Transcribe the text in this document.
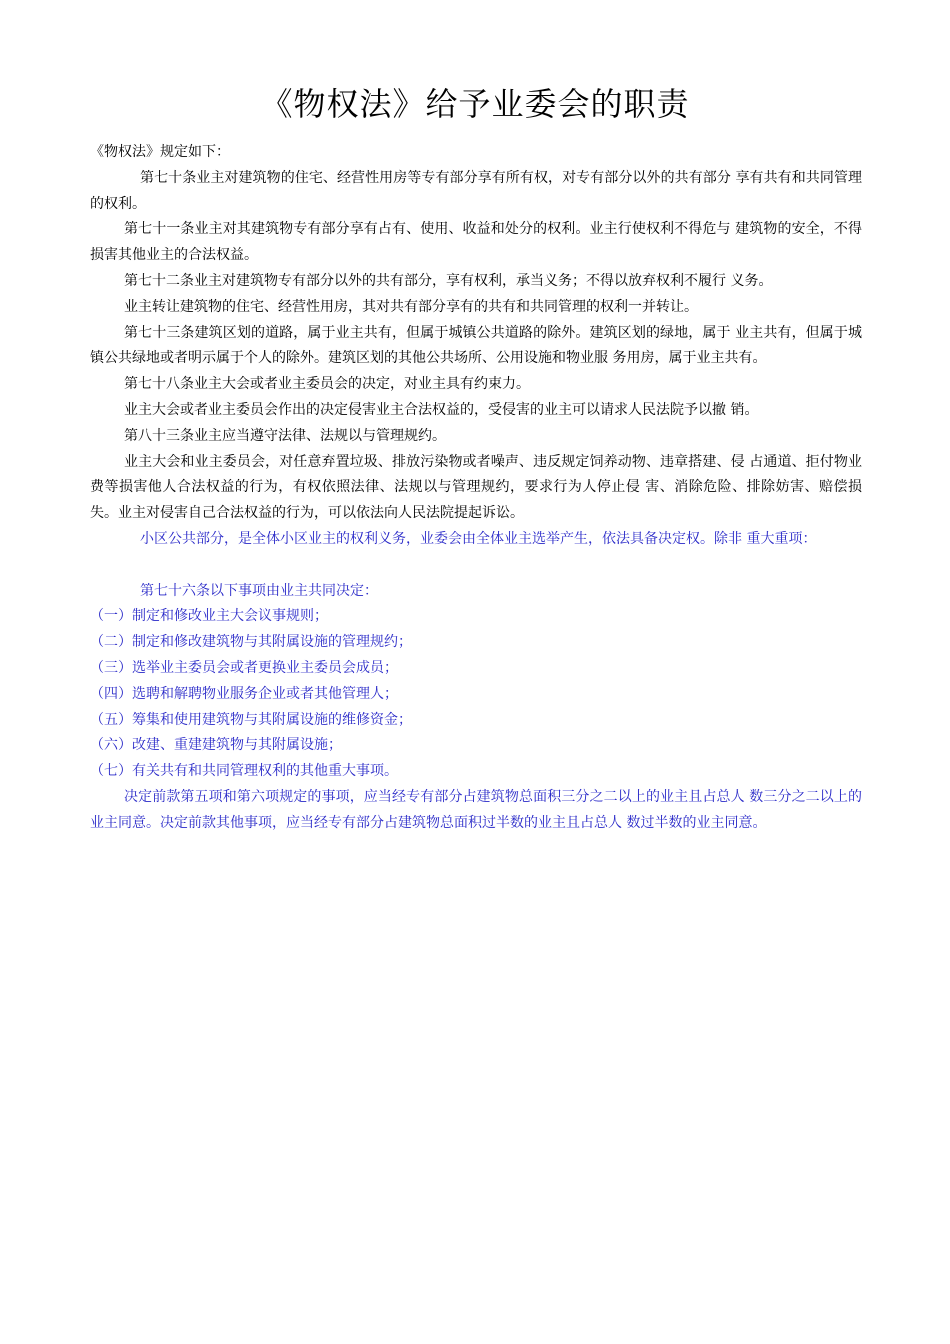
《物权法》给予业委会的职责

《物权法》规定如下：

第七十条业主对建筑物的住宅、经营性用房等专有部分享有所有权，对专有部分以外的共有部分 享有共有和共同管理的权利。

第七十一条业主对其建筑物专有部分享有占有、使用、收益和处分的权利。业主行使权利不得危与 建筑物的安全，不得损害其他业主的合法权益。

第七十二条业主对建筑物专有部分以外的共有部分，享有权利，承当义务；不得以放弃权利不履行 义务。

业主转让建筑物的住宅、经营性用房，其对共有部分享有的共有和共同管理的权利一并转让。

第七十三条建筑区划的道路，属于业主共有，但属于城镇公共道路的除外。建筑区划的绿地，属于 业主共有，但属于城镇公共绿地或者明示属于个人的除外。建筑区划的其他公共场所、公用设施和物业服 务用房，属于业主共有。

第七十八条业主大会或者业主委员会的决定，对业主具有约束力。

业主大会或者业主委员会作出的决定侵害业主合法权益的，受侵害的业主可以请求人民法院予以撤 销。

第八十三条业主应当遵守法律、法规以与管理规约。

业主大会和业主委员会，对任意弃置垃圾、排放污染物或者噪声、违反规定饲养动物、违章搭建、侵 占通道、拒付物业费等损害他人合法权益的行为，有权依照法律、法规以与管理规约，要求行为人停止侵 害、消除危险、排除妨害、赔偿损失。业主对侵害自己合法权益的行为，可以依法向人民法院提起诉讼。

小区公共部分，是全体小区业主的权利义务，业委会由全体业主选举产生，依法具备决定权。除非 重大重项：

第七十六条以下事项由业主共同决定：

（一）制定和修改业主大会议事规则；

（二）制定和修改建筑物与其附属设施的管理规约；

（三）选举业主委员会或者更换业主委员会成员；

（四）选聘和解聘物业服务企业或者其他管理人；

（五）筹集和使用建筑物与其附属设施的维修资金；

（六）改建、重建建筑物与其附属设施；

（七）有关共有和共同管理权利的其他重大事项。

决定前款第五项和第六项规定的事项，应当经专有部分占建筑物总面积三分之二以上的业主且占总人 数三分之二以上的业主同意。决定前款其他事项，应当经专有部分占建筑物总面积过半数的业主且占总人 数过半数的业主同意。
